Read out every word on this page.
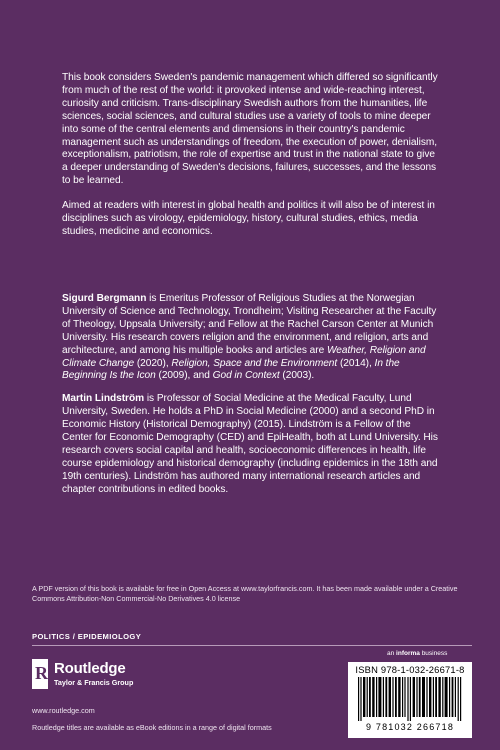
This book considers Sweden's pandemic management which differed so significantly from much of the rest of the world: it provoked intense and wide-reaching interest, curiosity and criticism. Trans-disciplinary Swedish authors from the humanities, life sciences, social sciences, and cultural studies use a variety of tools to mine deeper into some of the central elements and dimensions in their country's pandemic management such as understandings of freedom, the execution of power, denialism, exceptionalism, patriotism, the role of expertise and trust in the national state to give a deeper understanding of Sweden's decisions, failures, successes, and the lessons to be learned.

Aimed at readers with interest in global health and politics it will also be of interest in disciplines such as virology, epidemiology, history, cultural studies, ethics, media studies, medicine and economics.

Sigurd Bergmann is Emeritus Professor of Religious Studies at the Norwegian University of Science and Technology, Trondheim; Visiting Researcher at the Faculty of Theology, Uppsala University; and Fellow at the Rachel Carson Center at Munich University. His research covers religion and the environment, and religion, arts and architecture, and among his multiple books and articles are Weather, Religion and Climate Change (2020), Religion, Space and the Environment (2014), In the Beginning Is the Icon (2009), and God in Context (2003).

Martin Lindström is Professor of Social Medicine at the Medical Faculty, Lund University, Sweden. He holds a PhD in Social Medicine (2000) and a second PhD in Economic History (Historical Demography) (2015). Lindström is a Fellow of the Center for Economic Demography (CED) and EpiHealth, both at Lund University. His research covers social capital and health, socioeconomic differences in health, life course epidemiology and historical demography (including epidemics in the 18th and 19th centuries). Lindström has authored many international research articles and chapter contributions in edited books.

A PDF version of this book is available for free in Open Access at www.taylorfrancis.com. It has been made available under a Creative Commons Attribution-Non Commercial-No Derivatives 4.0 license
POLITICS / EPIDEMIOLOGY
an informa business
R Routledge
Taylor & Francis Group
www.routledge.com
Routledge titles are available as eBook editions in a range of digital formats
ISBN 978-1-032-26671-8
9 781032 266718
